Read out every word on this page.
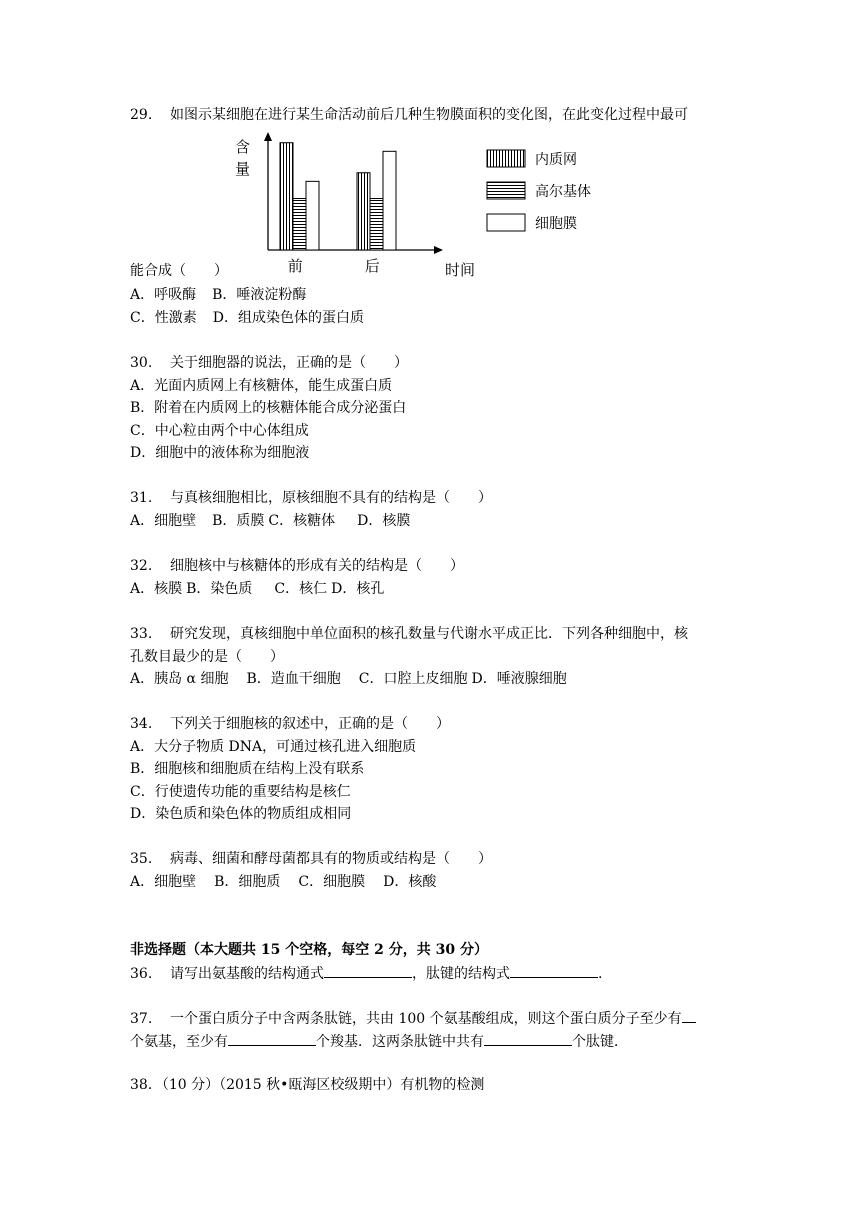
29. 如图示某细胞在进行某生命活动前后几种生物膜面积的变化图，在此变化过程中最可
含
量
时间
前	后
内质网
高尔基体
细胞膜
能合成（　　）
A．呼吸酶 B．唾液淀粉酶
C．性激素 D．组成染色体的蛋白质
30. 关于细胞器的说法，正确的是（　　）
A．光面内质网上有核糖体，能生成蛋白质
B．附着在内质网上的核糖体能合成分泌蛋白
C．中心粒由两个中心体组成
D．细胞中的液体称为细胞液
31. 与真核细胞相比，原核细胞不具有的结构是（　　）
A．细胞壁 B．质膜 C．核糖体 D．核膜
32. 细胞核中与核糖体的形成有关的结构是（　　）
A．核膜 B．染色质 C．核仁 D．核孔
33. 研究发现，真核细胞中单位面积的核孔数量与代谢水平成正比．下列各种细胞中，核
孔数目最少的是（　　）
A．胰岛 α 细胞 B．造血干细胞 C．口腔上皮细胞 D．唾液腺细胞
34. 下列关于细胞核的叙述中，正确的是（　　）
A．大分子物质 DNA，可通过核孔进入细胞质
B．细胞核和细胞质在结构上没有联系
C．行使遗传功能的重要结构是核仁
D．染色质和染色体的物质组成相同
35. 病毒、细菌和酵母菌都具有的物质或结构是（　　）
A．细胞壁 B．细胞质 C．细胞膜 D．核酸
非选择题（本大题共 15 个空格，每空 2 分，共 30 分）
36. 请写出氨基酸的结构通式	，肽键的结构式	.
37. 一个蛋白质分子中含两条肽链，共由 100 个氨基酸组成，则这个蛋白质分子至少有
个氨基，至少有	个羧基．这两条肽链中共有	个肽键．
38．（10 分）（2015 秋•瓯海区校级期中）有机物的检测
